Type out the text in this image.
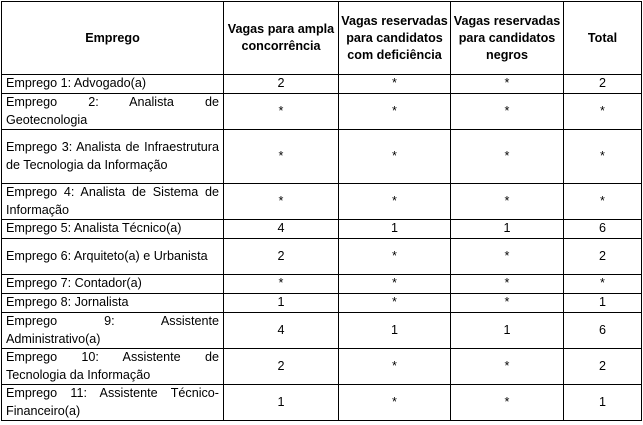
Emprego	Vagas para ampla concorrência	Vagas reservadas para candidatos com deficiência	Vagas reservadas para candidatos negros	Total
Emprego 1: Advogado(a)	2	*	*	2
Emprego 2: Analista de Geotecnologia	*	*	*	*
Emprego 3: Analista de Infraestrutura de Tecnologia da Informação	*	*	*	*
Emprego 4: Analista de Sistema de Informação	*	*	*	*
Emprego 5: Analista Técnico(a)	4	1	1	6
Emprego 6: Arquiteto(a) e Urbanista	2	*	*	2
Emprego 7: Contador(a)	*	*	*	*
Emprego 8: Jornalista	1	*	*	1
Emprego 9: Assistente Administrativo(a)	4	1	1	6
Emprego 10: Assistente de Tecnologia da Informação	2	*	*	2
Emprego 11: Assistente Técnico-Financeiro(a)	1	*	*	1
